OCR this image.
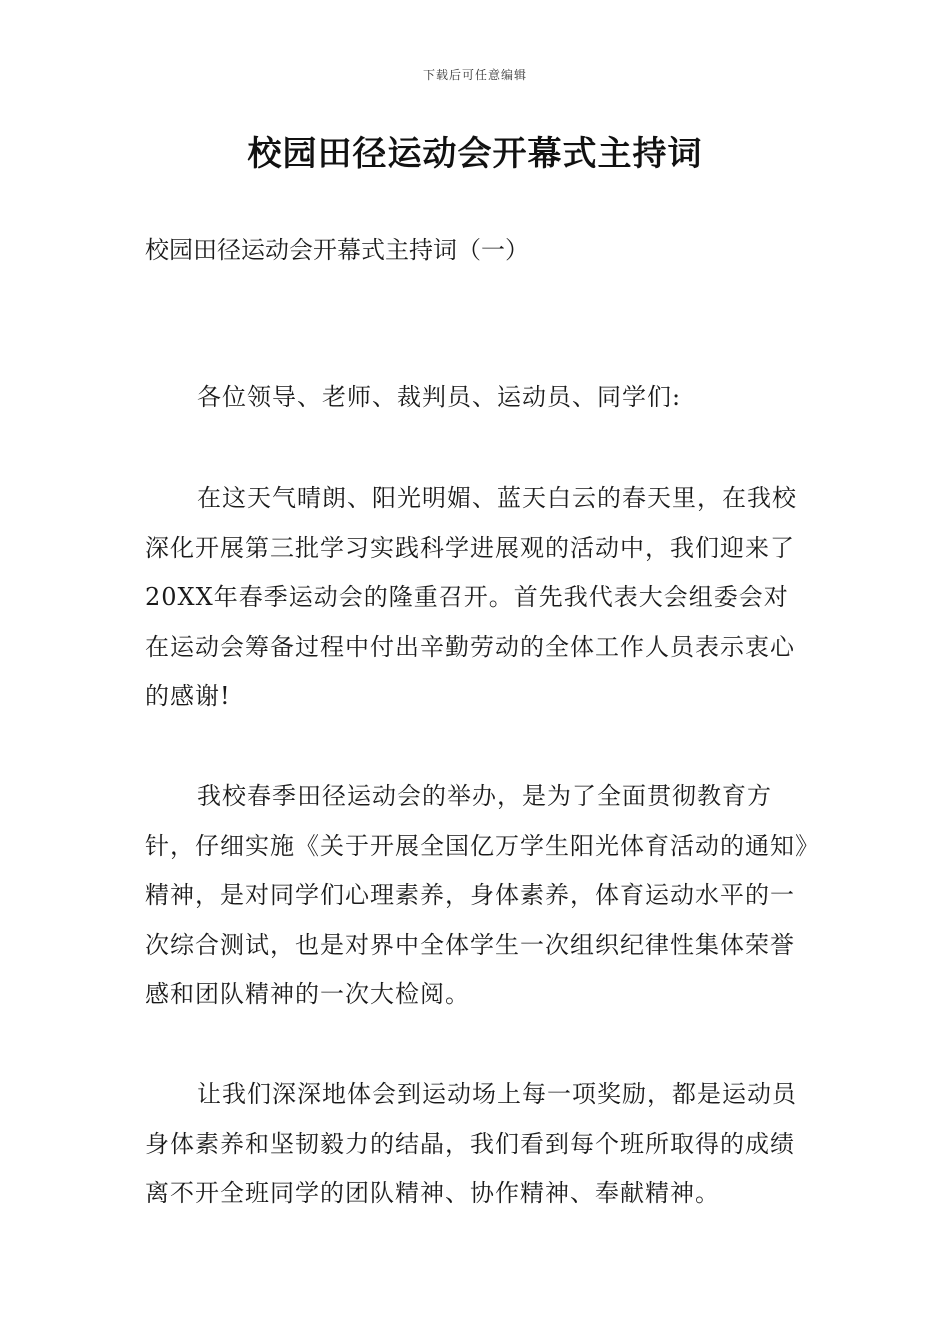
下载后可任意编辑
校园田径运动会开幕式主持词

校园田径运动会开幕式主持词（一）

各位领导、老师、裁判员、运动员、同学们:

在这天气晴朗、阳光明媚、蓝天白云的春天里，在我校深化开展第三批学习实践科学进展观的活动中，我们迎来了20XX年春季运动会的隆重召开。首先我代表大会组委会对在运动会筹备过程中付出辛勤劳动的全体工作人员表示衷心的感谢!

我校春季田径运动会的举办，是为了全面贯彻教育方针，仔细实施《关于开展全国亿万学生阳光体育活动的通知》精神，是对同学们心理素养，身体素养，体育运动水平的一次综合测试，也是对界中全体学生一次组织纪律性集体荣誉感和团队精神的一次大检阅。

让我们深深地体会到运动场上每一项奖励，都是运动员身体素养和坚韧毅力的结晶，我们看到每个班所取得的成绩离不开全班同学的团队精神、协作精神、奉献精神。
